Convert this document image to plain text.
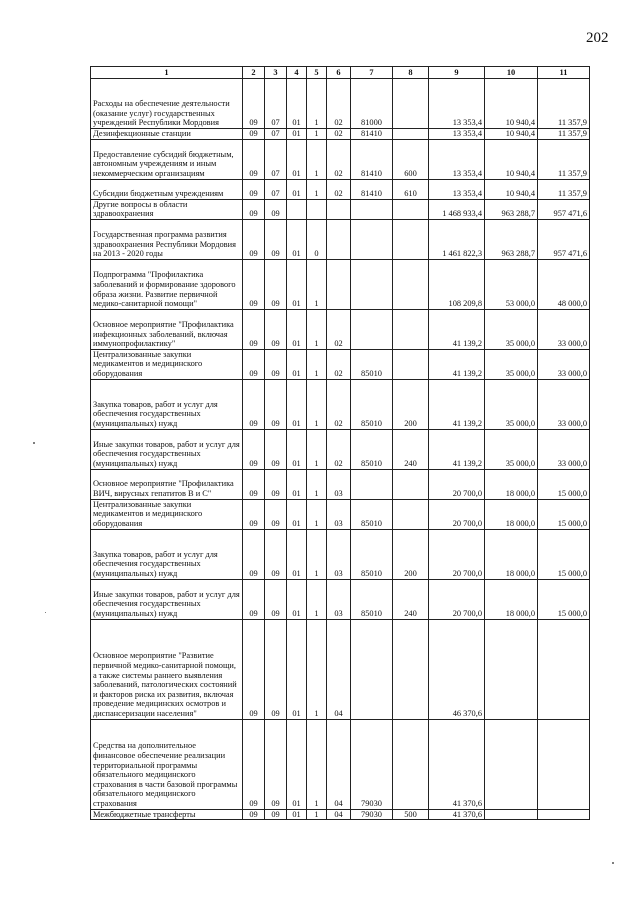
202
1	2	3	4	5	6	7	8	9	10	11
Расходы на обеспечение деятельности (оказание услуг) государственных учреждений Республики Мордовия	09	07	01	1	02	81000		13 353,4	10 940,4	11 357,9
Дезинфекционные станции	09	07	01	1	02	81410		13 353,4	10 940,4	11 357,9
Предоставление субсидий бюджетным, автономным учреждениям и иным некоммерческим организациям	09	07	01	1	02	81410	600	13 353,4	10 940,4	11 357,9
Субсидии бюджетным учреждениям	09	07	01	1	02	81410	610	13 353,4	10 940,4	11 357,9
Другие вопросы в области здравоохранения	09	09						1 468 933,4	963 288,7	957 471,6
Государственная программа развития здравоохранения Республики Мордовия на 2013 - 2020 годы	09	09	01	0				1 461 822,3	963 288,7	957 471,6
Подпрограмма "Профилактика заболеваний и формирование здорового образа жизни. Развитие первичной медико-санитарной помощи"	09	09	01	1				108 209,8	53 000,0	48 000,0
Основное мероприятие "Профилактика инфекционных заболеваний, включая иммунопрофилактику"	09	09	01	1	02			41 139,2	35 000,0	33 000,0
Централизованные закупки медикаментов и медицинского оборудования	09	09	01	1	02	85010		41 139,2	35 000,0	33 000,0
Закупка товаров, работ и услуг для обеспечения государственных (муниципальных) нужд	09	09	01	1	02	85010	200	41 139,2	35 000,0	33 000,0
Иные закупки товаров, работ и услуг для обеспечения государственных (муниципальных) нужд	09	09	01	1	02	85010	240	41 139,2	35 000,0	33 000,0
Основное мероприятие "Профилактика ВИЧ, вирусных гепатитов В и С"	09	09	01	1	03			20 700,0	18 000,0	15 000,0
Централизованные закупки медикаментов и медицинского оборудования	09	09	01	1	03	85010		20 700,0	18 000,0	15 000,0
Закупка товаров, работ и услуг для обеспечения государственных (муниципальных) нужд	09	09	01	1	03	85010	200	20 700,0	18 000,0	15 000,0
Иные закупки товаров, работ и услуг для обеспечения государственных (муниципальных) нужд	09	09	01	1	03	85010	240	20 700,0	18 000,0	15 000,0
Основное мероприятие "Развитие первичной медико-санитарной помощи, а также системы раннего выявления заболеваний, патологических состояний и факторов риска их развития, включая проведение медицинских осмотров и диспансеризации населения"	09	09	01	1	04			46 370,6		
Средства на дополнительное финансовое обеспечение реализации территориальной программы обязательного медицинского страхования в части базовой программы обязательного медицинского страхования	09	09	01	1	04	79030		41 370,6		
Межбюджетные трансферты	09	09	01	1	04	79030	500	41 370,6		
